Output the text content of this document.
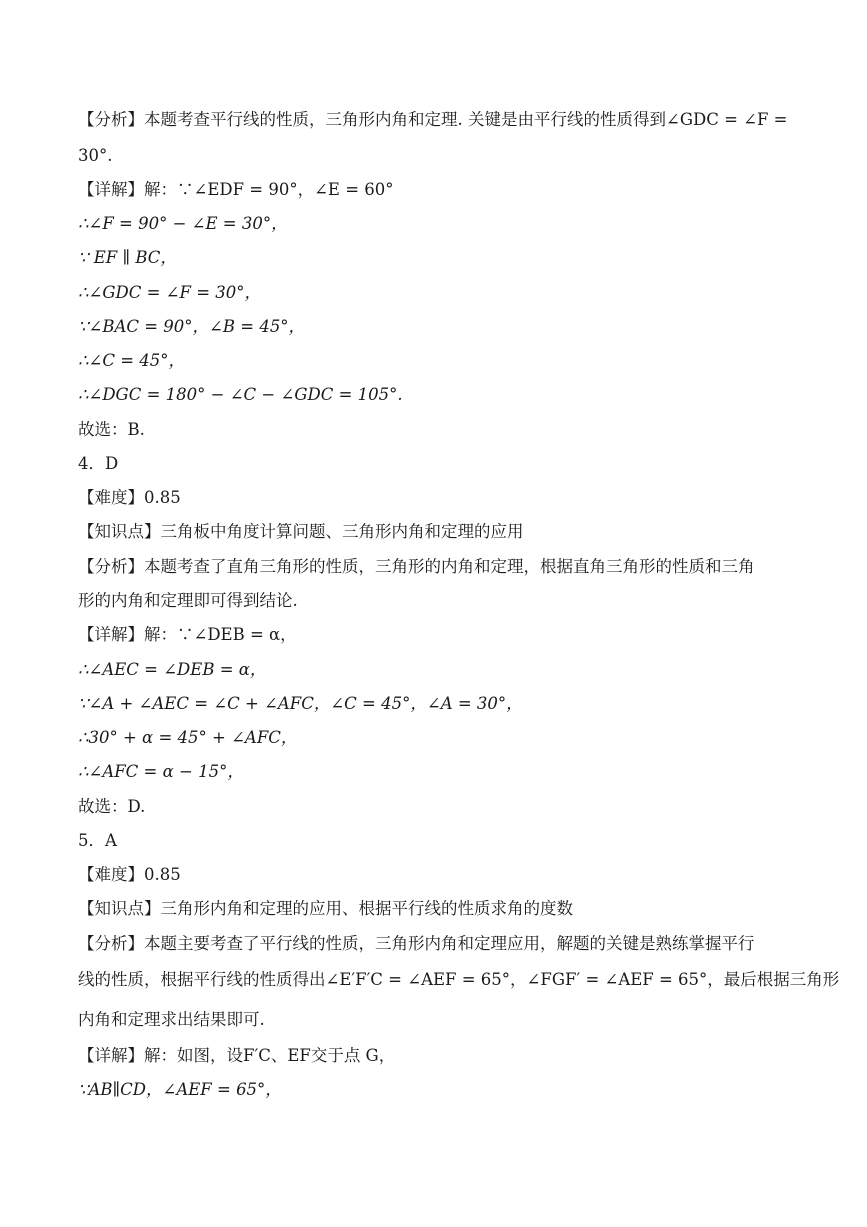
【分析】本题考查平行线的性质，三角形内角和定理. 关键是由平行线的性质得到∠GDC = ∠F =
30°.
【详解】解：∵∠EDF = 90°，∠E = 60°
∴∠F = 90° − ∠E = 30°，
∵ EF ∥ BC，
∴∠GDC = ∠F = 30°，
∵∠BAC = 90°，∠B = 45°，
∴∠C = 45°，
∴∠DGC = 180° − ∠C − ∠GDC = 105°.
故选：B.
4．D
【难度】0.85
【知识点】三角板中角度计算问题、三角形内角和定理的应用
【分析】本题考查了直角三角形的性质，三角形的内角和定理，根据直角三角形的性质和三角
形的内角和定理即可得到结论.
【详解】解：∵∠DEB = α，
∴∠AEC = ∠DEB = α，
∵∠A + ∠AEC = ∠C + ∠AFC，∠C = 45°，∠A = 30°，
∴30° + α = 45° + ∠AFC，
∴∠AFC = α − 15°，
故选：D.
5．A
【难度】0.85
【知识点】三角形内角和定理的应用、根据平行线的性质求角的度数
【分析】本题主要考查了平行线的性质，三角形内角和定理应用，解题的关键是熟练掌握平行
线的性质，根据平行线的性质得出∠E′F′C = ∠AEF = 65°，∠FGF′ = ∠AEF = 65°，最后根据三角形
内角和定理求出结果即可.
【详解】解：如图，设F′C、EF交于点 G，
∵AB∥CD，∠AEF = 65°，
